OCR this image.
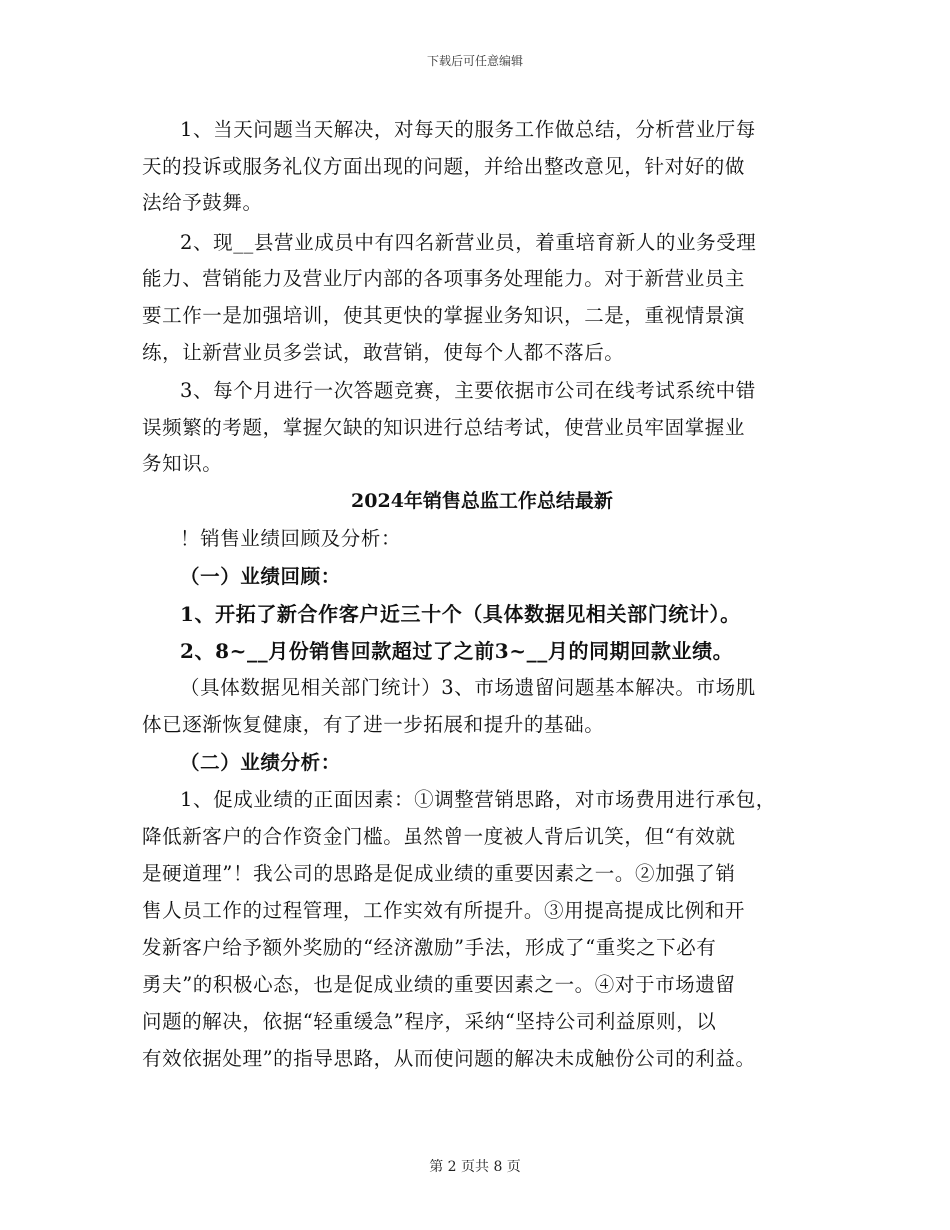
下载后可任意编辑
1、当天问题当天解决，对每天的服务工作做总结，分析营业厅每
天的投诉或服务礼仪方面出现的问题，并给出整改意见，针对好的做
法给予鼓舞。
2、现__县营业成员中有四名新营业员，着重培育新人的业务受理
能力、营销能力及营业厅内部的各项事务处理能力。对于新营业员主
要工作一是加强培训，使其更快的掌握业务知识，二是，重视情景演
练，让新营业员多尝试，敢营销，使每个人都不落后。
3、每个月进行一次答题竞赛，主要依据市公司在线考试系统中错
误频繁的考题，掌握欠缺的知识进行总结考试，使营业员牢固掌握业
务知识。
2024年销售总监工作总结最新
！销售业绩回顾及分析：
（一）业绩回顾：
1、开拓了新合作客户近三十个（具体数据见相关部门统计）。
2、8~__月份销售回款超过了之前3~__月的同期回款业绩。
（具体数据见相关部门统计）3、市场遗留问题基本解决。市场肌
体已逐渐恢复健康，有了进一步拓展和提升的基础。
（二）业绩分析：
1、促成业绩的正面因素：①调整营销思路，对市场费用进行承包，
降低新客户的合作资金门槛。虽然曾一度被人背后讥笑，但“有效就
是硬道理”！我公司的思路是促成业绩的重要因素之一。②加强了销
售人员工作的过程管理，工作实效有所提升。③用提高提成比例和开
发新客户给予额外奖励的“经济激励”手法，形成了“重奖之下必有
勇夫”的积极心态，也是促成业绩的重要因素之一。④对于市场遗留
问题的解决，依据“轻重缓急”程序，采纳“坚持公司利益原则，以
有效依据处理”的指导思路，从而使问题的解决未成触份公司的利益。
第 2 页共 8 页
